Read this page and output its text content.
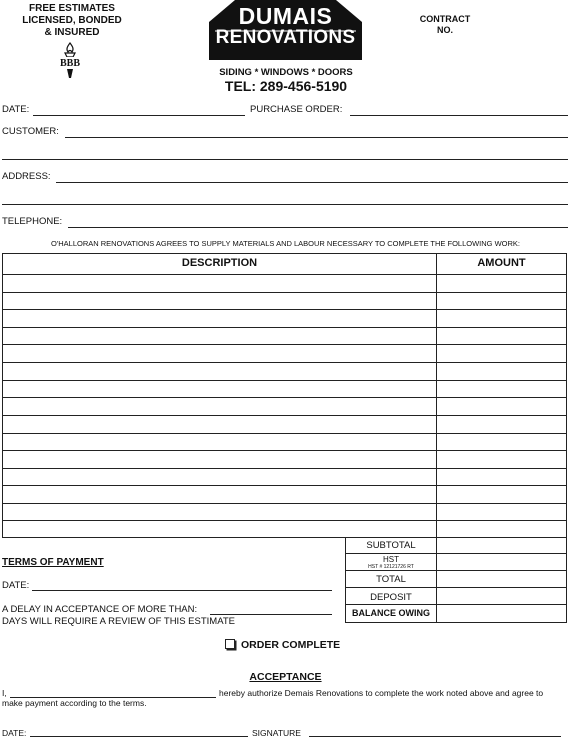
FREE ESTIMATES
LICENSED, BONDED
& INSURED
BBB
DUMAIS
RENOVATIONS
SIDING * WINDOWS * DOORS
TEL: 289-456-5190
CONTRACT
NO.
DATE:	PURCHASE ORDER:
CUSTOMER:
ADDRESS:
TELEPHONE:
O'HALLORAN RENOVATIONS AGREES TO SUPPLY MATERIALS AND LABOUR NECESSARY TO COMPLETE THE FOLLOWING WORK:
DESCRIPTION	AMOUNT
SUBTOTAL
HST
HST # 12121726 RT
TOTAL
DEPOSIT
BALANCE OWING
TERMS OF PAYMENT
DATE:
A DELAY IN ACCEPTANCE OF MORE THAN:
DAYS WILL REQUIRE A REVIEW OF THIS ESTIMATE
ORDER COMPLETE
ACCEPTANCE
I,	hereby authorize Demais Renovations to complete the work noted above and agree to
make payment according to the terms.
DATE:	SIGNATURE
